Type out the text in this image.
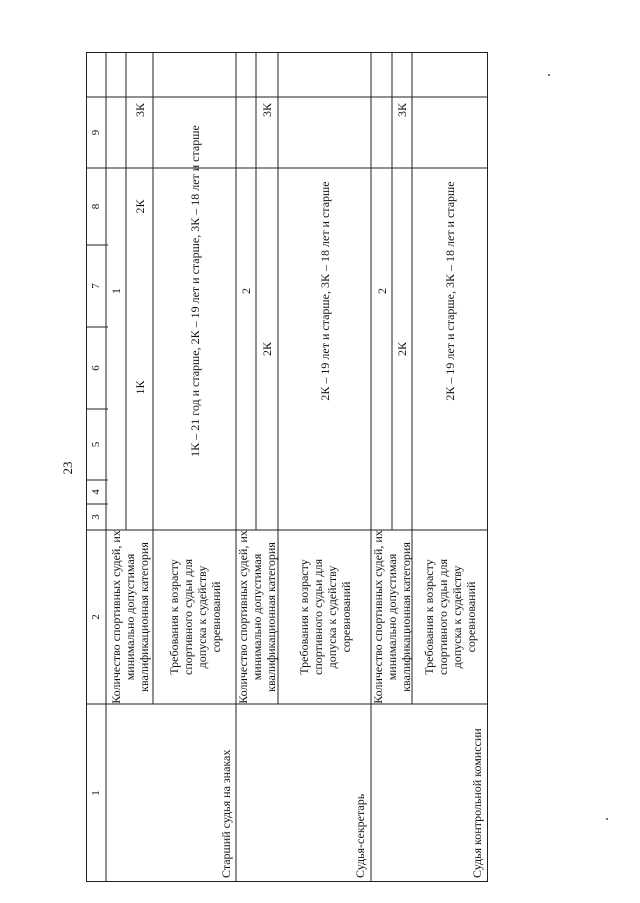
23
1
2
3
4
5
6
7
8
9
Старший судья на знаках
Количество спортивных судей, их минимально допустимая квалификационная категория
1
1К
2К
3К
Требования к возрасту спортивного судьи для допуска к судейству соревнований
1К – 21 год и старше, 2К – 19 лет и старше, 3К – 18 лет и старше
Судья-секретарь
Количество спортивных судей, их минимально допустимая квалификационная категория
2
2К
3К
Требования к возрасту спортивного судьи для допуска к судейству соревнований
2К – 19 лет и старше, 3К – 18 лет и старше
Судья контрольной комиссии
Количество спортивных судей, их минимально допустимая квалификационная категория
2
2К
3К
Требования к возрасту спортивного судьи для допуска к судейству соревнований
2К – 19 лет и старше, 3К – 18 лет и старше
